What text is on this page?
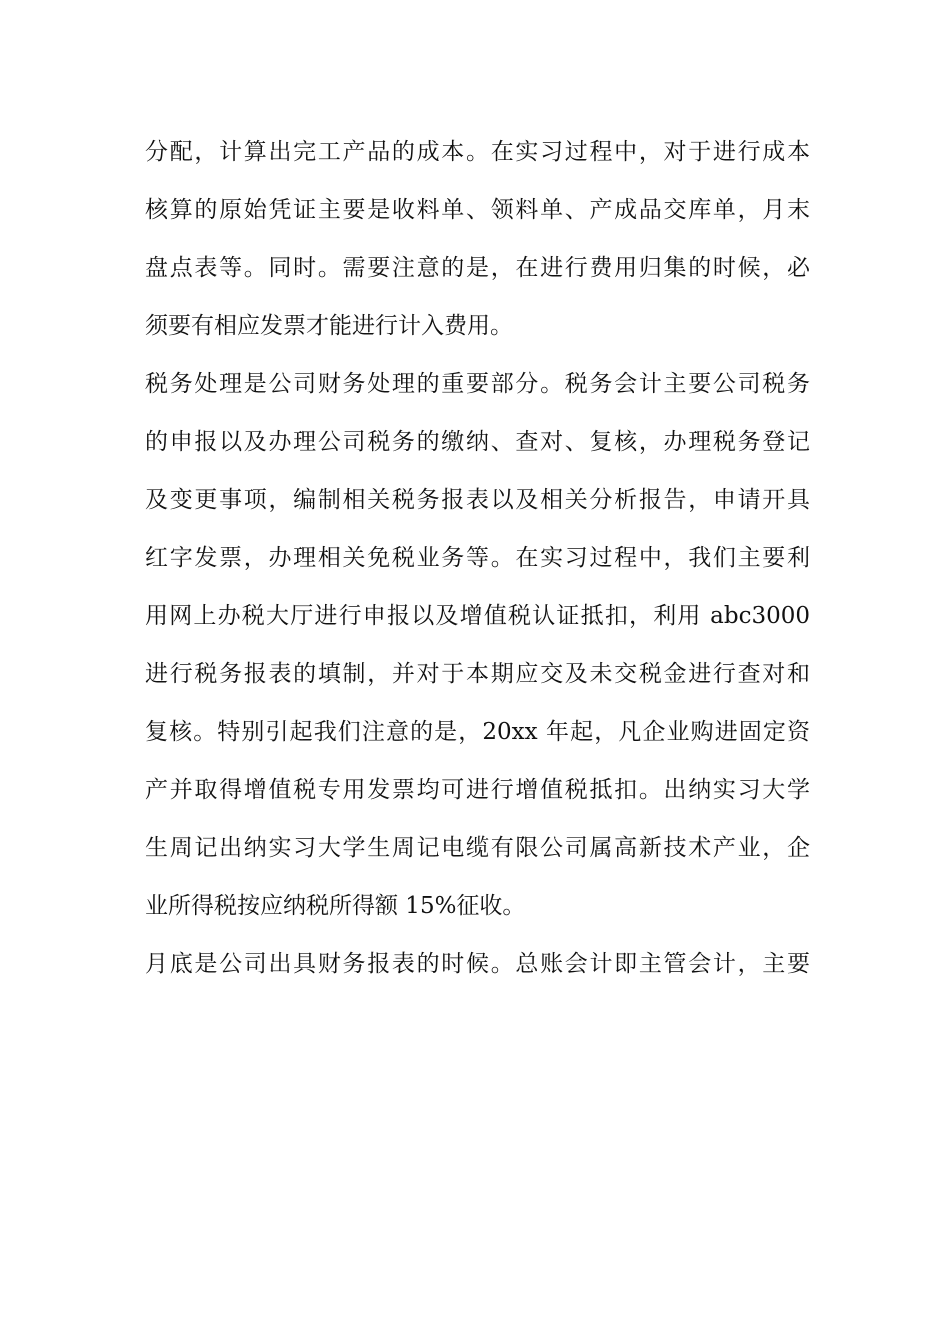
分配，计算出完工产品的成本。在实习过程中，对于进行成本
核算的原始凭证主要是收料单、领料单、产成品交库单，月末
盘点表等。同时。需要注意的是，在进行费用归集的时候，必
须要有相应发票才能进行计入费用。
税务处理是公司财务处理的重要部分。税务会计主要公司税务
的申报以及办理公司税务的缴纳、查对、复核，办理税务登记
及变更事项，编制相关税务报表以及相关分析报告，申请开具
红字发票，办理相关免税业务等。在实习过程中，我们主要利
用网上办税大厅进行申报以及增值税认证抵扣，利用 abc3000
进行税务报表的填制，并对于本期应交及未交税金进行查对和
复核。特别引起我们注意的是，20xx 年起，凡企业购进固定资
产并取得增值税专用发票均可进行增值税抵扣。出纳实习大学
生周记出纳实习大学生周记电缆有限公司属高新技术产业，企
业所得税按应纳税所得额 15%征收。
月底是公司出具财务报表的时候。总账会计即主管会计，主要
